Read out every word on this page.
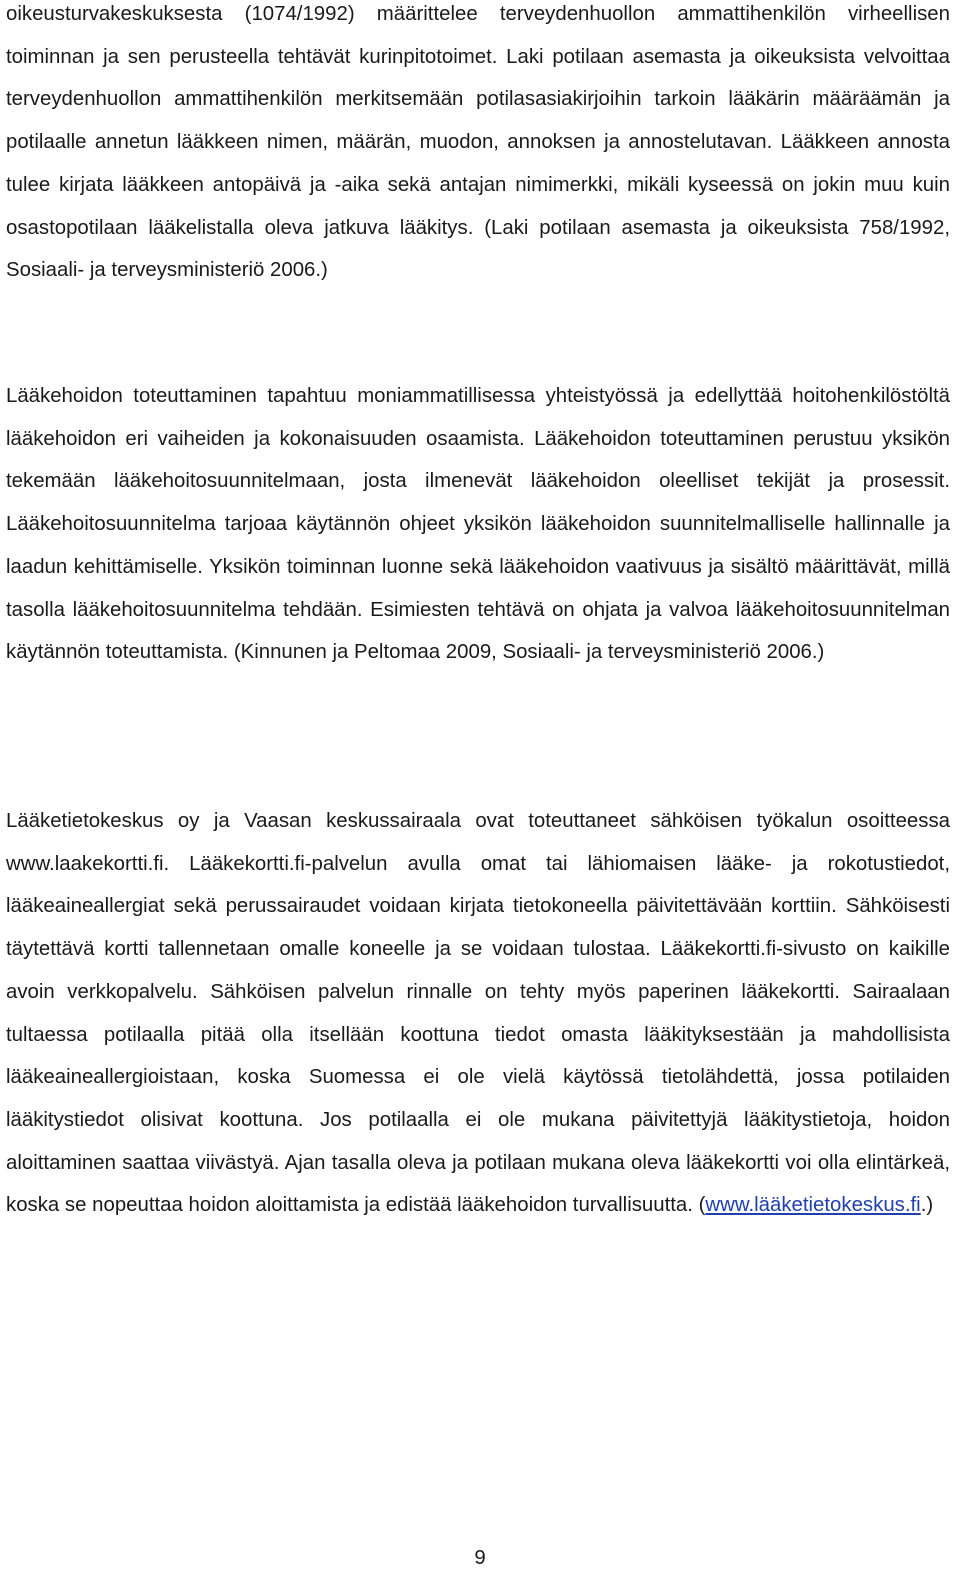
oikeusturvakeskuksesta (1074/1992) määrittelee terveydenhuollon ammattihenkilön virheellisen toiminnan ja sen perusteella tehtävät kurinpitotoimet. Laki potilaan asemasta ja oikeuksista velvoittaa terveydenhuollon ammattihenkilön merkitsemään potilasasiakirjoihin tarkoin lääkärin määräämän ja potilaalle annetun lääkkeen nimen, määrän, muodon, annoksen ja annostelutavan. Lääkkeen annosta tulee kirjata lääkkeen antopäivä ja -aika sekä antajan nimimerkki, mikäli kyseessä on jokin muu kuin osastopotilaan lääkelistalla oleva jatkuva lääkitys. (Laki potilaan asemasta ja oikeuksista 758/1992, Sosiaali- ja terveysministeriö 2006.)

Lääkehoidon toteuttaminen tapahtuu moniammatillisessa yhteistyössä ja edellyttää hoitohenkilöstöltä lääkehoidon eri vaiheiden ja kokonaisuuden osaamista. Lääkehoidon toteuttaminen perustuu yksikön tekemään lääkehoitosuunnitelmaan, josta ilmenevät lääkehoidon oleelliset tekijät ja prosessit. Lääkehoitosuunnitelma tarjoaa käytännön ohjeet yksikön lääkehoidon suunnitelmalliselle hallinnalle ja laadun kehittämiselle. Yksikön toiminnan luonne sekä lääkehoidon vaativuus ja sisältö määrittävät, millä tasolla lääkehoitosuunnitelma tehdään. Esimiesten tehtävä on ohjata ja valvoa lääkehoitosuunnitelman käytännön toteuttamista. (Kinnunen ja Peltomaa 2009, Sosiaali- ja terveysministeriö 2006.)

Lääketietokeskus oy ja Vaasan keskussairaala ovat toteuttaneet sähköisen työkalun osoitteessa www.laakekortti.fi. Lääkekortti.fi-palvelun avulla omat tai lähiomaisen lääke- ja rokotustiedot, lääkeaineallergiat sekä perussairaudet voidaan kirjata tietokoneella päivitettävään korttiin. Sähköisesti täytettävä kortti tallennetaan omalle koneelle ja se voidaan tulostaa. Lääkekortti.fi-sivusto on kaikille avoin verkkopalvelu. Sähköisen palvelun rinnalle on tehty myös paperinen lääkekortti. Sairaalaan tultaessa potilaalla pitää olla itsellään koottuna tiedot omasta lääkityksestään ja mahdollisista lääkeaineallergioistaan, koska Suomessa ei ole vielä käytössä tietolähdettä, jossa potilaiden lääkitystiedot olisivat koottuna. Jos potilaalla ei ole mukana päivitettyjä lääkitystietoja, hoidon aloittaminen saattaa viivästyä. Ajan tasalla oleva ja potilaan mukana oleva lääkekortti voi olla elintärkeä, koska se nopeuttaa hoidon aloittamista ja edistää lääkehoidon turvallisuutta. (www.lääketietokeskus.fi.)

9
